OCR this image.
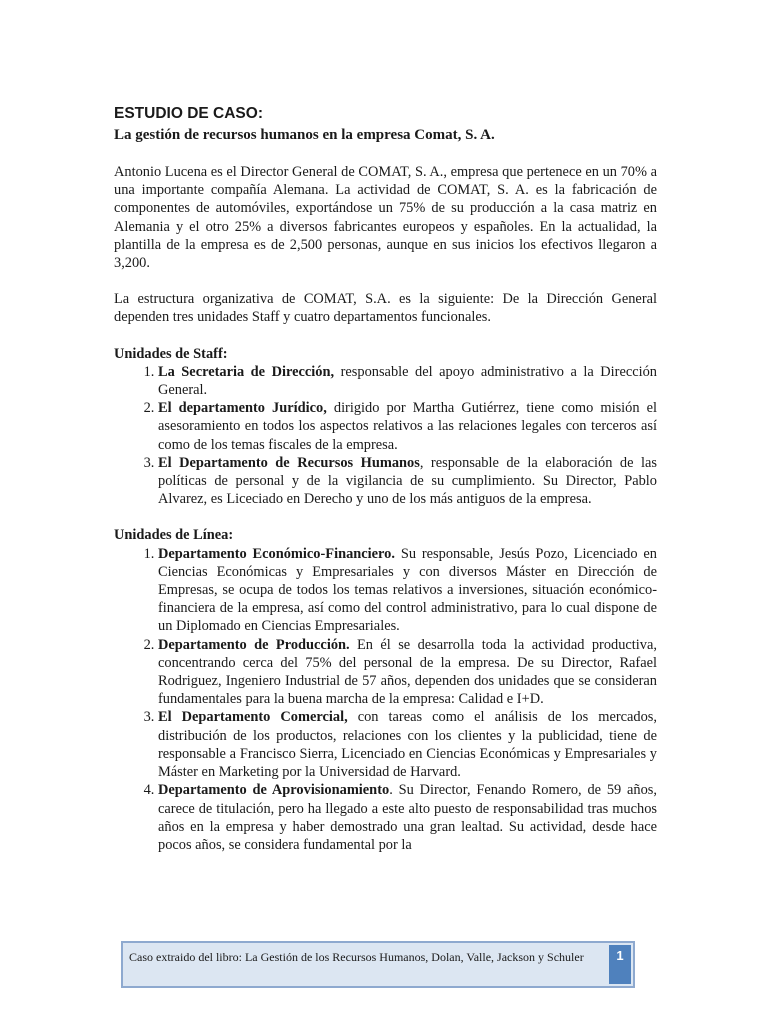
ESTUDIO DE CASO:
La gestión de recursos humanos en la empresa Comat, S. A.

Antonio Lucena es el Director General de COMAT, S. A., empresa que pertenece en un 70% a una importante compañía Alemana. La actividad de COMAT, S. A. es la fabricación de componentes de automóviles, exportándose un 75% de su producción a la casa matriz en Alemania y el otro 25% a diversos fabricantes europeos y españoles. En la actualidad, la plantilla de la empresa es de 2,500 personas, aunque en sus inicios los efectivos llegaron a 3,200.

La estructura organizativa de COMAT, S.A. es la siguiente: De la Dirección General dependen tres unidades Staff y cuatro departamentos funcionales.

Unidades de Staff:
1. La Secretaria de Dirección, responsable del apoyo administrativo a la Dirección General.
2. El departamento Jurídico, dirigido por Martha Gutiérrez, tiene como misión el asesoramiento en todos los aspectos relativos a las relaciones legales con terceros así como de los temas fiscales de la empresa.
3. El Departamento de Recursos Humanos, responsable de la elaboración de las políticas de personal y de la vigilancia de su cumplimiento. Su Director, Pablo Alvarez, es Liceciado en Derecho y uno de los más antiguos de la empresa.
Unidades de Línea:
1. Departamento Económico-Financiero. Su responsable, Jesús Pozo, Licenciado en Ciencias Económicas y Empresariales y con diversos Máster en Dirección de Empresas, se ocupa de todos los temas relativos a inversiones, situación económico-financiera de la empresa, así como del control administrativo, para lo cual dispone de un Diplomado en Ciencias Empresariales.
2. Departamento de Producción. En él se desarrolla toda la actividad productiva, concentrando cerca del 75% del personal de la empresa. De su Director, Rafael Rodriguez, Ingeniero Industrial de 57 años, dependen dos unidades que se consideran fundamentales para la buena marcha de la empresa: Calidad e I+D.
3. El Departamento Comercial, con tareas como el análisis de los mercados, distribución de los productos, relaciones con los clientes y la publicidad, tiene de responsable a Francisco Sierra, Licenciado en Ciencias Económicas y Empresariales y Máster en Marketing por la Universidad de Harvard.
4. Departamento de Aprovisionamiento. Su Director, Fenando Romero, de 59 años, carece de titulación, pero ha llegado a este alto puesto de responsabilidad tras muchos años en la empresa y haber demostrado una gran lealtad. Su actividad, desde hace pocos años, se considera fundamental por la
Caso extraido del libro: La Gestión de los Recursos Humanos, Dolan, Valle, Jackson y Schuler	1
